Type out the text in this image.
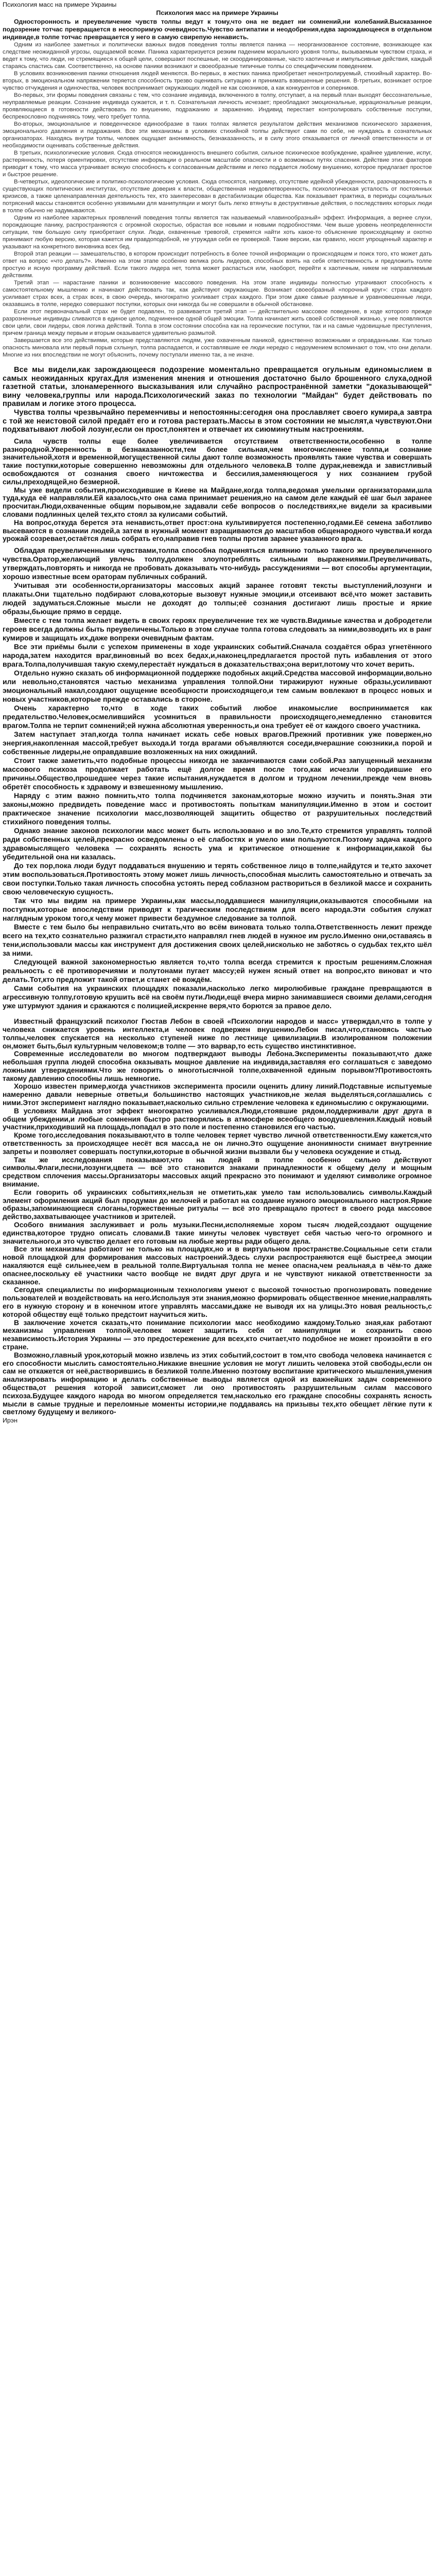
Психология масс на примере Украины
Психология масс на примере Украины

Односторонность и преувеличение чувств толпы ведут к тому,что она не ведает ни сомнений,ни колебаний.Высказанное подозрение тотчас превращается в неоспоримую очевидность.Чувство антипатии и неодобрения,едва зарождающееся в отдельном индивиде,в толпе тотчас превращается у него в самую свирепую ненависть.

Одним из наиболее заметных и политически важных видов поведения толпы является паника — неорганизованное состояние, возникающее как следствие неожиданной угрозы, ощущаемой всеми. Паника характеризуется резким падением морального уровня толпы, вызываемым чувством страха, и ведет к тому, что люди, не стремящиеся к общей цели, совершают поспешные, не скоординированные, часто хаотичные и импульсивные действия, каждый стараясь спастись сам. Соответственно, на основе паники возникают и своеобразные типичные толпы со специфическим поведением.

В условиях возникновения паники отношения людей меняются. Во-первых, в жестких паника приобретает неконтролируемый, стихийный характер. Во-вторых, в эмоциональном напряжении теряется способность трезво оценивать ситуацию и принимать взвешенные решения. В-третьих, возникает острое чувство отчуждения и одиночества, человек воспринимает окружающих людей не как союзников, а как конкурентов и соперников.

Во-первых, эти формы поведения связаны с тем, что сознание индивида, включенного в толпу, отступает, а на первый план выходят бессознательные, неуправляемые реакции. Сознание индивида сужается, и т. п. Сознательная личность исчезает; преобладают эмоциональные, иррациональные реакции, проявляющиеся в готовности действовать по внушению, подражанию и заражению. Индивид перестает контролировать собственные поступки, беспрекословно подчиняясь тому, чего требует толпа.

Во-вторых, эмоциональное и поведенческое единообразие в таких толпах является результатом действия механизмов психического заражения, эмоционального давления и подражания. Все эти механизмы в условиях стихийной толпы действуют сами по себе, не нуждаясь в сознательных организаторах. Находясь внутри толпы, человек ощущает анонимность, безнаказанность, и в силу этого отказывается от личной ответственности и от необходимости оценивать собственные действия.

В третьих, психологические условия. Сюда относятся неожиданность внешнего события, сильное психическое возбуждение, крайнее удивление, испуг, растерянность, потеря ориентировки, отсутствие информации о реальном масштабе опасности и о возможных путях спасения. Действие этих факторов приводит к тому, что масса утрачивает всякую способность к согласованным действиям и легко поддается любому внушению, которое предлагает простое и быстрое решение.

В-четвертых, идеологические и политико-психологические условия. Сюда относятся, например, отсутствие идейной убежденности, разочарованность в существующих политических институтах, отсутствие доверия к власти, общественная неудовлетворенность, психологическая усталость от постоянных кризисов, а также целенаправленная деятельность тех, кто заинтересован в дестабилизации общества. Как показывает практика, в периоды социальных потрясений массы становятся особенно уязвимыми для манипуляции и могут быть легко втянуты в деструктивные действия, о последствиях которых люди в толпе обычно не задумываются.

Одним из наиболее характерных проявлений поведения толпы является так называемый «лавинообразный» эффект. Информация, а вернее слухи, порождающие панику, распространяются с огромной скоростью, обрастая все новыми и новыми подробностями. Чем выше уровень неопределенности ситуации, тем большую силу приобретают слухи. Люди, охваченные тревогой, стремятся найти хоть какое-то объяснение происходящему и охотно принимают любую версию, которая кажется им правдоподобной, не утруждая себя ее проверкой. Такие версии, как правило, носят упрощенный характер и указывают на конкретного виновника всех бед.

Второй этап реакции — замешательство, в котором происходит потребность в более точной информации о происходящем и поиск того, кто может дать ответ на вопрос «что делать?». Именно на этом этапе особенно велика роль лидеров, способных взять на себя ответственность и предложить толпе простую и ясную программу действий. Если такого лидера нет, толпа может распасться или, наоборот, перейти к хаотичным, никем не направляемым действиям.

Третий этап — нарастание паники и возникновение массового поведения. На этом этапе индивиды полностью утрачивают способность к самостоятельному мышлению и начинают действовать так, как действуют окружающие. Возникает своеобразный «порочный круг»: страх каждого усиливает страх всех, а страх всех, в свою очередь, многократно усиливает страх каждого. При этом даже самые разумные и уравновешенные люди, оказавшись в толпе, нередко совершают поступки, которых они никогда бы не совершили в обычной обстановке.

Если этот первоначальный страх не будет подавлен, то развивается третий этап — действительно массовое поведение, в ходе которого прежде разрозненные индивиды сливаются в единое целое, подчиненное одной общей эмоции. Толпа начинает жить своей собственной жизнью, у нее появляются свои цели, свои лидеры, своя логика действий. Толпа в этом состоянии способна как на героические поступки, так и на самые чудовищные преступления, причем граница между первым и вторым оказывается удивительно размытой.

Завершается все это действиями, которые представляются людям, уже охваченным паникой, единственно возможными и оправданными. Как только опасность миновала или первый порыв схлынул, толпа распадается, и составлявшие ее люди нередко с недоумением вспоминают о том, что они делали. Многие из них впоследствии не могут объяснить, почему поступали именно так, а не иначе.

Все мы видели,как зарождающееся подозрение моментально превращается огульным единомыслием в самых неожиданных кругах.Для изменения мнения и отношения достаточно было брошенного слуха,одной газетной статьи, злонамеренного высказывания или случайно распространённой заметки "доказывающей" вину человека,группы или народа.Психологический заказ по технологии "Майдан" будет действовать по правилам и логике этого процесса.

Чувства толпы чрезвычайно переменчивы и непостоянны:сегодня она прославляет своего кумира,а завтра с той же неистовой силой предаёт его и готова растерзать.Массы в этом состоянии не мыслят,а чувствуют.Они подхватывают любой лозунг,если он прост,понятен и отвечает их сиюминутным настроениям.

Сила чувств толпы еще более увеличивается отсутствием ответственности,особенно в толпе разнородной.Уверенность в безнаказанности,тем более сильная,чем многочисленнее толпа,и сознание значительной,хотя и временной,могущественной силы дают толпе возможность проявлять такие чувства и совершать такие поступки,которые совершенно невозможны для отдельного человека.В толпе дурак,невежда и завистливый освобождаются от сознания своего ничтожества и бессилия,заменяющегося у них сознанием грубой силы,преходящей,но безмерной.

Мы уже видели события,происходившие в Киеве на Майдане,когда толпа,ведомая умелыми организаторами,шла туда,куда её направляли.Ей казалось,что она сама принимает решения,но на самом деле каждый её шаг был заранее просчитан.Люди,охваченные общим порывом,не задавали себе вопросов о последствиях,не видели за красивыми словами подлинных целей тех,кто стоял за кулисами событий.

На вопрос,откуда берется эта ненависть,ответ прост:она культивируется постепенно,годами.Её семена заботливо высеваются в сознании людей,а затем в нужный момент взращиваются до масштабов общенародного чувства.И когда урожай созревает,остаётся лишь собрать его,направив гнев толпы против заранее указанного врага.

Обладая преувеличенными чувствами,толпа способна подчиняться влиянию только такого же преувеличенного чувства.Оратор,желающий увлечь толпу,должен злоупотреблять сильными выражениями.Преувеличивать, утверждать,повторять и никогда не пробовать доказывать что-нибудь рассуждениями — вот способы аргументации, хорошо известные всем ораторам публичных собраний.

Учитывая эти особенности,организаторы массовых акций заранее готовят тексты выступлений,лозунги и плакаты.Они тщательно подбирают слова,которые вызовут нужные эмоции,и отсеивают всё,что может заставить людей задуматься.Сложные мысли не доходят до толпы;её сознания достигают лишь простые и яркие образы,бьющие прямо в сердце.

Вместе с тем толпа желает видеть в своих героях преувеличение тех же чувств.Видимые качества и добродетели героев всегда должны быть преувеличены.Только в этом случае толпа готова следовать за ними,возводить их в ранг кумиров и защищать их,даже вопреки очевидным фактам.

Все эти приёмы были с успехом применены в ходе украинских событий.Сначала создаётся образ угнетённого народа,затем находится враг,виновный во всех бедах,и,наконец,предлагается простой путь избавления от этого врага.Толпа,получившая такую схему,перестаёт нуждаться в доказательствах;она верит,потому что хочет верить.

Отдельно нужно сказать об информационной поддержке подобных акций.Средства массовой информации,вольно или невольно,становятся частью механизма управления толпой.Они тиражируют нужные образы,усиливают эмоциональный накал,создают ощущение всеобщности происходящего,и тем самым вовлекают в процесс новых и новых участников,которые прежде оставались в стороне.

Очень характерно то,что в ходе таких событий любое инакомыслие воспринимается как предательство.Человек,осмелившийся усомниться в правильности происходящего,немедленно становится врагом.Толпа не терпит сомнений;ей нужна абсолютная уверенность,и она требует её от каждого своего участника.

Затем наступает этап,когда толпа начинает искать себе новых врагов.Прежний противник уже повержен,но энергия,накопленная массой,требует выхода.И тогда врагами объявляются соседи,вчерашние союзники,а порой и собственные лидеры,не оправдавшие возложенных на них ожиданий.

Стоит также заметить,что подобные процессы никогда не заканчиваются сами собой.Раз запущенный механизм массового психоза продолжает работать ещё долгое время после того,как исчезли породившие его причины.Общество,прошедшее через такие испытания,нуждается в долгом и трудном лечении,прежде чем вновь обретёт способность к здравому и взвешенному мышлению.

Наряду с этим важно помнить,что толпа подчиняется законам,которые можно изучить и понять.Зная эти законы,можно предвидеть поведение масс и противостоять попыткам манипуляции.Именно в этом и состоит практическое значение психологии масс,позволяющей защитить общество от разрушительных последствий стихийного поведения толпы.

Однако знание законов психологии масс может быть использовано и во зло.Те,кто стремится управлять толпой ради собственных целей,прекрасно осведомлены о её слабостях и умело ими пользуются.Поэтому задача каждого здравомыслящего человека — сохранять ясность ума и критическое отношение к информации,какой бы убедительной она ни казалась.

До тех пор,пока люди будут поддаваться внушению и терять собственное лицо в толпе,найдутся и те,кто захочет этим воспользоваться.Противостоять этому может лишь личность,способная мыслить самостоятельно и отвечать за свои поступки.Только такая личность способна устоять перед соблазном раствориться в безликой массе и сохранить свою человеческую сущность.

Так что мы видим на примере Украины,как массы,поддавшиеся манипуляции,оказываются способными на поступки,которые впоследствии приводят к трагическим последствиям для всего народа.Эти события служат наглядным уроком того,к чему может привести бездумное следование за толпой.

Вместе с тем было бы неправильно считать,что во всём виновата только толпа.Ответственность лежит прежде всего на тех,кто сознательно разжигал страсти,кто направлял гнев людей в нужное им русло.Именно они,оставаясь в тени,использовали массы как инструмент для достижения своих целей,нисколько не заботясь о судьбах тех,кто шёл за ними.

Следующей важной закономерностью является то,что толпа всегда стремится к простым решениям.Сложная реальность с её противоречиями и полутонами пугает массу;ей нужен ясный ответ на вопрос,кто виноват и что делать.Тот,кто предложит такой ответ,и станет её вождём.

Сами события на украинских площадях показали,насколько легко миролюбивые граждане превращаются в агрессивную толпу,готовую крушить всё на своём пути.Люди,ещё вчера мирно занимавшиеся своими делами,сегодня уже штурмуют здания и сражаются с полицией,искренне веря,что борются за правое дело.

Известный французский психолог Гюстав Лебон в своей «Психологии народов и масс» утверждал,что в толпе у человека снижается уровень интеллекта,и человек подвержен внушению.Лебон писал,что,становясь частью толпы,человек спускается на несколько ступеней ниже по лестнице цивилизации.В изолированном положении он,может быть,был культурным человеком;в толпе — это варвар,то есть существо инстинктивное.

Современные исследователи во многом подтверждают выводы Лебона.Эксперименты показывают,что даже небольшая группа людей способна оказывать мощное давление на индивида,заставляя его соглашаться с заведомо ложными утверждениями.Что же говорить о многотысячной толпе,охваченной единым порывом?Противостоять такому давлению способны лишь немногие.

Хорошо известен пример,когда участников эксперимента просили оценить длину линий.Подставные испытуемые намеренно давали неверные ответы,и большинство настоящих участников,не желая выделяться,соглашались с ними.Этот эксперимент наглядно показывает,насколько сильно стремление человека к единомыслию с окружающими.

В условиях Майдана этот эффект многократно усиливался.Люди,стоявшие рядом,поддерживали друг друга в общем убеждении,и любые сомнения быстро растворялись в атмосфере всеобщего воодушевления.Каждый новый участник,приходивший на площадь,попадал в это поле и постепенно становился его частью.

Кроме того,исследования показывают,что в толпе человек теряет чувство личной ответственности.Ему кажется,что ответственность за происходящее несёт вся масса,а не он лично.Это ощущение анонимности снимает внутренние запреты и позволяет совершать поступки,которые в обычной жизни вызвали бы у человека осуждение и стыд.

Так же исследования показывают,что на людей в толпе особенно сильно действуют символы.Флаги,песни,лозунги,цвета — всё это становится знаками принадлежности к общему делу и мощным средством сплочения массы.Организаторы массовых акций прекрасно это понимают и уделяют символике огромное внимание.

Если говорить об украинских событиях,нельзя не отметить,как умело там использовались символы.Каждый элемент оформления акций был продуман до мелочей и работал на создание нужного эмоционального настроя.Яркие образы,запоминающиеся слоганы,торжественные ритуалы — всё это превращало протест в своего рода массовое действо,захватывающее участников и зрителей.

Особого внимания заслуживает и роль музыки.Песни,исполняемые хором тысяч людей,создают ощущение единства,которое трудно описать словами.В такие минуты человек чувствует себя частью чего-то огромного и значительного,и это чувство делает его готовым на любые жертвы ради общего дела.

Все эти механизмы работают не только на площадях,но и в виртуальном пространстве.Социальные сети стали новой площадкой для формирования массовых настроений.Здесь слухи распространяются ещё быстрее,а эмоции накаляются ещё сильнее,чем в реальной толпе.Виртуальная толпа не менее опасна,чем реальная,а в чём-то даже опаснее,поскольку её участники часто вообще не видят друг друга и не чувствуют никакой ответственности за сказанное.

Сегодня специалисты по информационным технологиям умеют с высокой точностью прогнозировать поведение пользователей и воздействовать на него.Используя эти знания,можно формировать общественное мнение,направлять его в нужную сторону и в конечном итоге управлять массами,даже не выводя их на улицы.Это новая реальность,с которой обществу ещё только предстоит научиться жить.

В заключение хочется сказать,что понимание психологии масс необходимо каждому.Только зная,как работают механизмы управления толпой,человек может защитить себя от манипуляции и сохранить свою независимость.История Украины — это предостережение для всех,кто считает,что подобное не может произойти в его стране.

Возможно,главный урок,который можно извлечь из этих событий,состоит в том,что свобода человека начинается с его способности мыслить самостоятельно.Никакие внешние условия не могут лишить человека этой свободы,если он сам не откажется от неё,растворившись в безликой толпе.Именно поэтому воспитание критического мышления,умения анализировать информацию и делать собственные выводы является одной из важнейших задач современного общества,от решения которой зависит,сможет ли оно противостоять разрушительным силам массового психоза.Будущее каждого народа во многом определяется тем,насколько его граждане способны сохранять ясность мысли в самые трудные и переломные моменты истории,не поддаваясь на призывы тех,кто обещает лёгкие пути к светлому будущему и великого-

Ирэн
